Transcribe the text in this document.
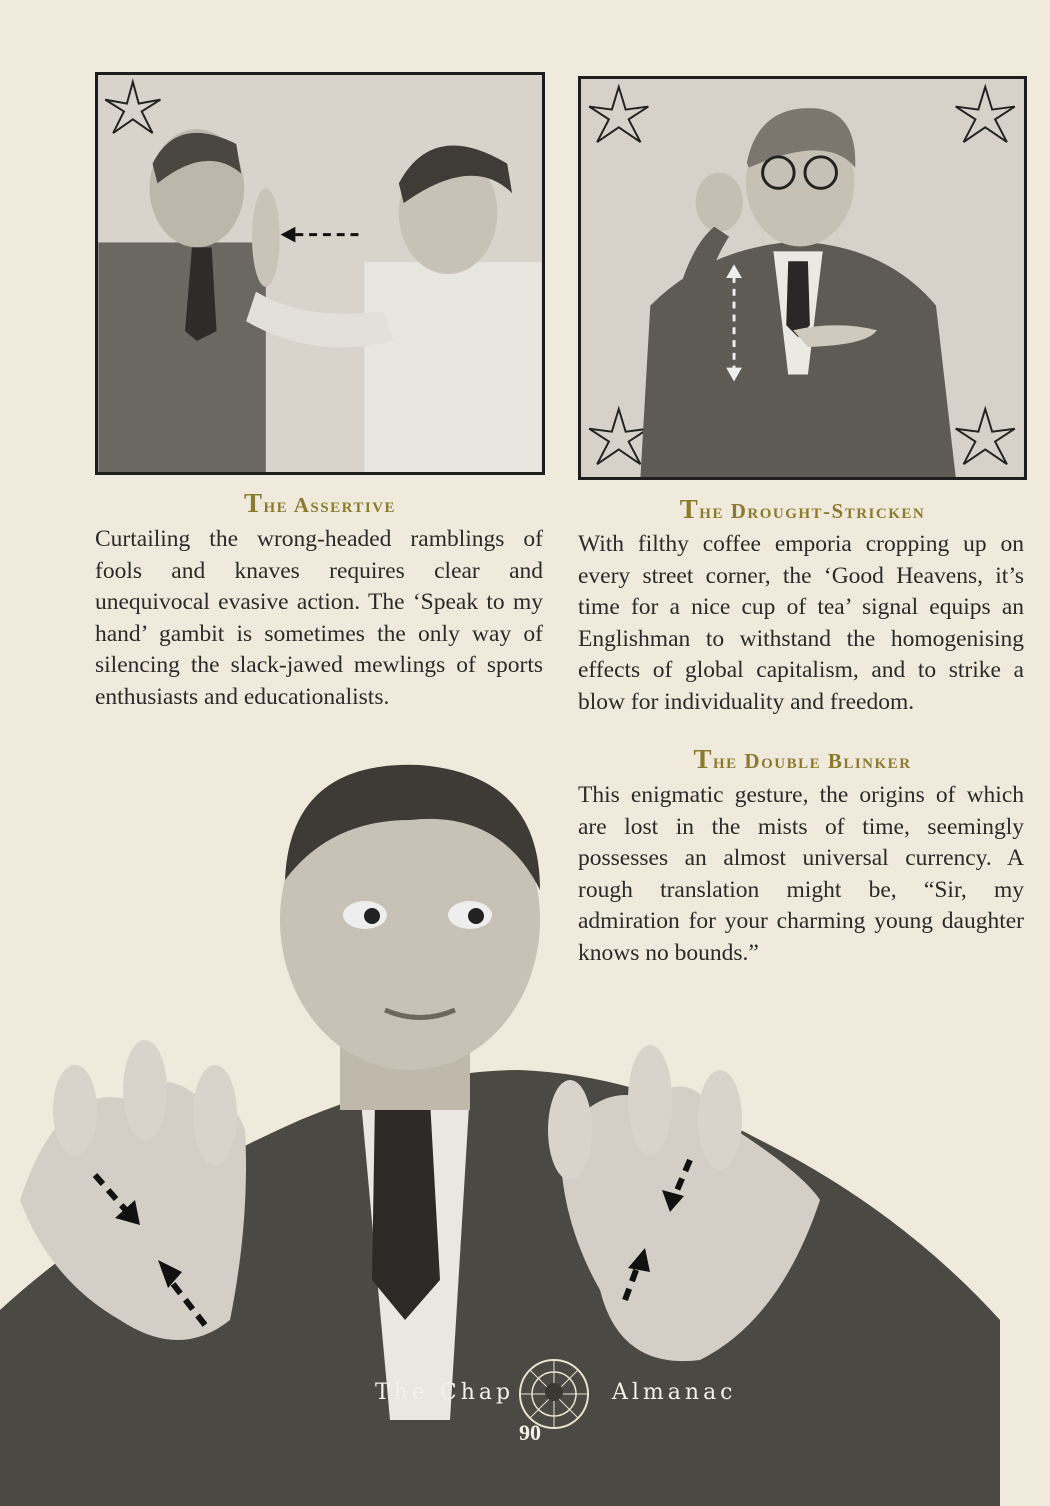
The Assertive
Curtailing the wrong-headed ramblings of fools and knaves requires clear and unequivocal evasive action. The ‘Speak to my hand’ gambit is sometimes the only way of silencing the slack-jawed mewlings of sports enthusiasts and educationalists.
The Drought-Stricken
With filthy coffee emporia cropping up on every street corner, the ‘Good Heavens, it’s time for a nice cup of tea’ signal equips an Englishman to withstand the homogenising effects of global capitalism, and to strike a blow for individuality and freedom.
The Double Blinker
This enigmatic gesture, the origins of which are lost in the mists of time, seemingly possesses an almost universal currency. A rough translation might be, “Sir, my admiration for your charming young daughter knows no bounds.”
The Chap	Almanac
90
